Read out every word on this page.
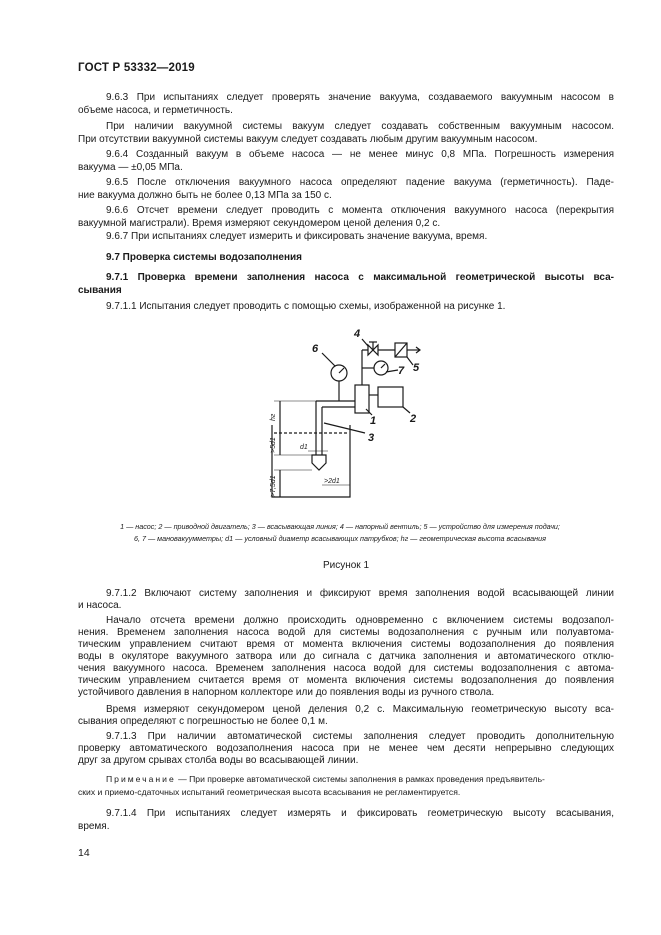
ГОСТ Р 53332—2019
9.6.3 При испытаниях следует проверять значение вакуума, создаваемого вакуумным насосом в
объеме насоса, и герметичность.
При наличии вакуумной системы вакуум следует создавать собственным вакуумным насосом.
При отсутствии вакуумной системы вакуум следует создавать любым другим вакуумным насосом.
9.6.4 Созданный вакуум в объеме насоса — не менее минус 0,8 МПа. Погрешность измерения
вакуума — ±0,05 МПа.
9.6.5 После отключения вакуумного насоса определяют падение вакуума (герметичность). Паде-
ние вакуума должно быть не более 0,13 МПа за 150 с.
9.6.6 Отсчет времени следует проводить с момента отключения вакуумного насоса (перекрытия
вакуумной магистрали). Время измеряют секундомером ценой деления 0,2 с.
9.6.7 При испытаниях следует измерить и фиксировать значение вакуума, время.
9.7 Проверка системы водозаполнения
9.7.1 Проверка времени заполнения насоса с максимальной геометрической высоты вса-
сывания
9.7.1.1 Испытания следует проводить с помощью схемы, изображенной на рисунке 1.
6
4
7 5
1	2
3
hг
d1
>2d1
>5d1
>7,5d1
1 — насос; 2 — приводной двигатель; 3 — всасывающая линия; 4 — напорный вентиль; 5 — устройство для измерения подачи;
6, 7 — мановакуумметры; d1 — условный диаметр всасывающих патрубков; hг — геометрическая высота всасывания
Рисунок 1
9.7.1.2 Включают систему заполнения и фиксируют время заполнения водой всасывающей линии
и насоса.
Начало отсчета времени должно происходить одновременно с включением системы водозапол-
нения. Временем заполнения насоса водой для системы водозаполнения с ручным или полуавтома-
тическим управлением считают время от момента включения системы водозаполнения до появления
воды в окуляторе вакуумного затвора или до сигнала с датчика заполнения и автоматического отклю-
чения вакуумного насоса. Временем заполнения насоса водой для системы водозаполнения с автома-
тическим управлением считается время от момента включения системы водозаполнения до появления
устойчивого давления в напорном коллекторе или до появления воды из ручного ствола.
Время измеряют секундомером ценой деления 0,2 с. Максимальную геометрическую высоту вса-
сывания определяют с погрешностью не более 0,1 м.
9.7.1.3 При наличии автоматической системы заполнения следует проводить дополнительную
проверку автоматического водозаполнения насоса при не менее чем десяти непрерывно следующих
друг за другом срывах столба воды во всасывающей линии.
Примечание — При проверке автоматической системы заполнения в рамках проведения предъявитель-
ских и приемо-сдаточных испытаний геометрическая высота всасывания не регламентируется.
9.7.1.4 При испытаниях следует измерять и фиксировать геометрическую высоту всасывания,
время.
14
